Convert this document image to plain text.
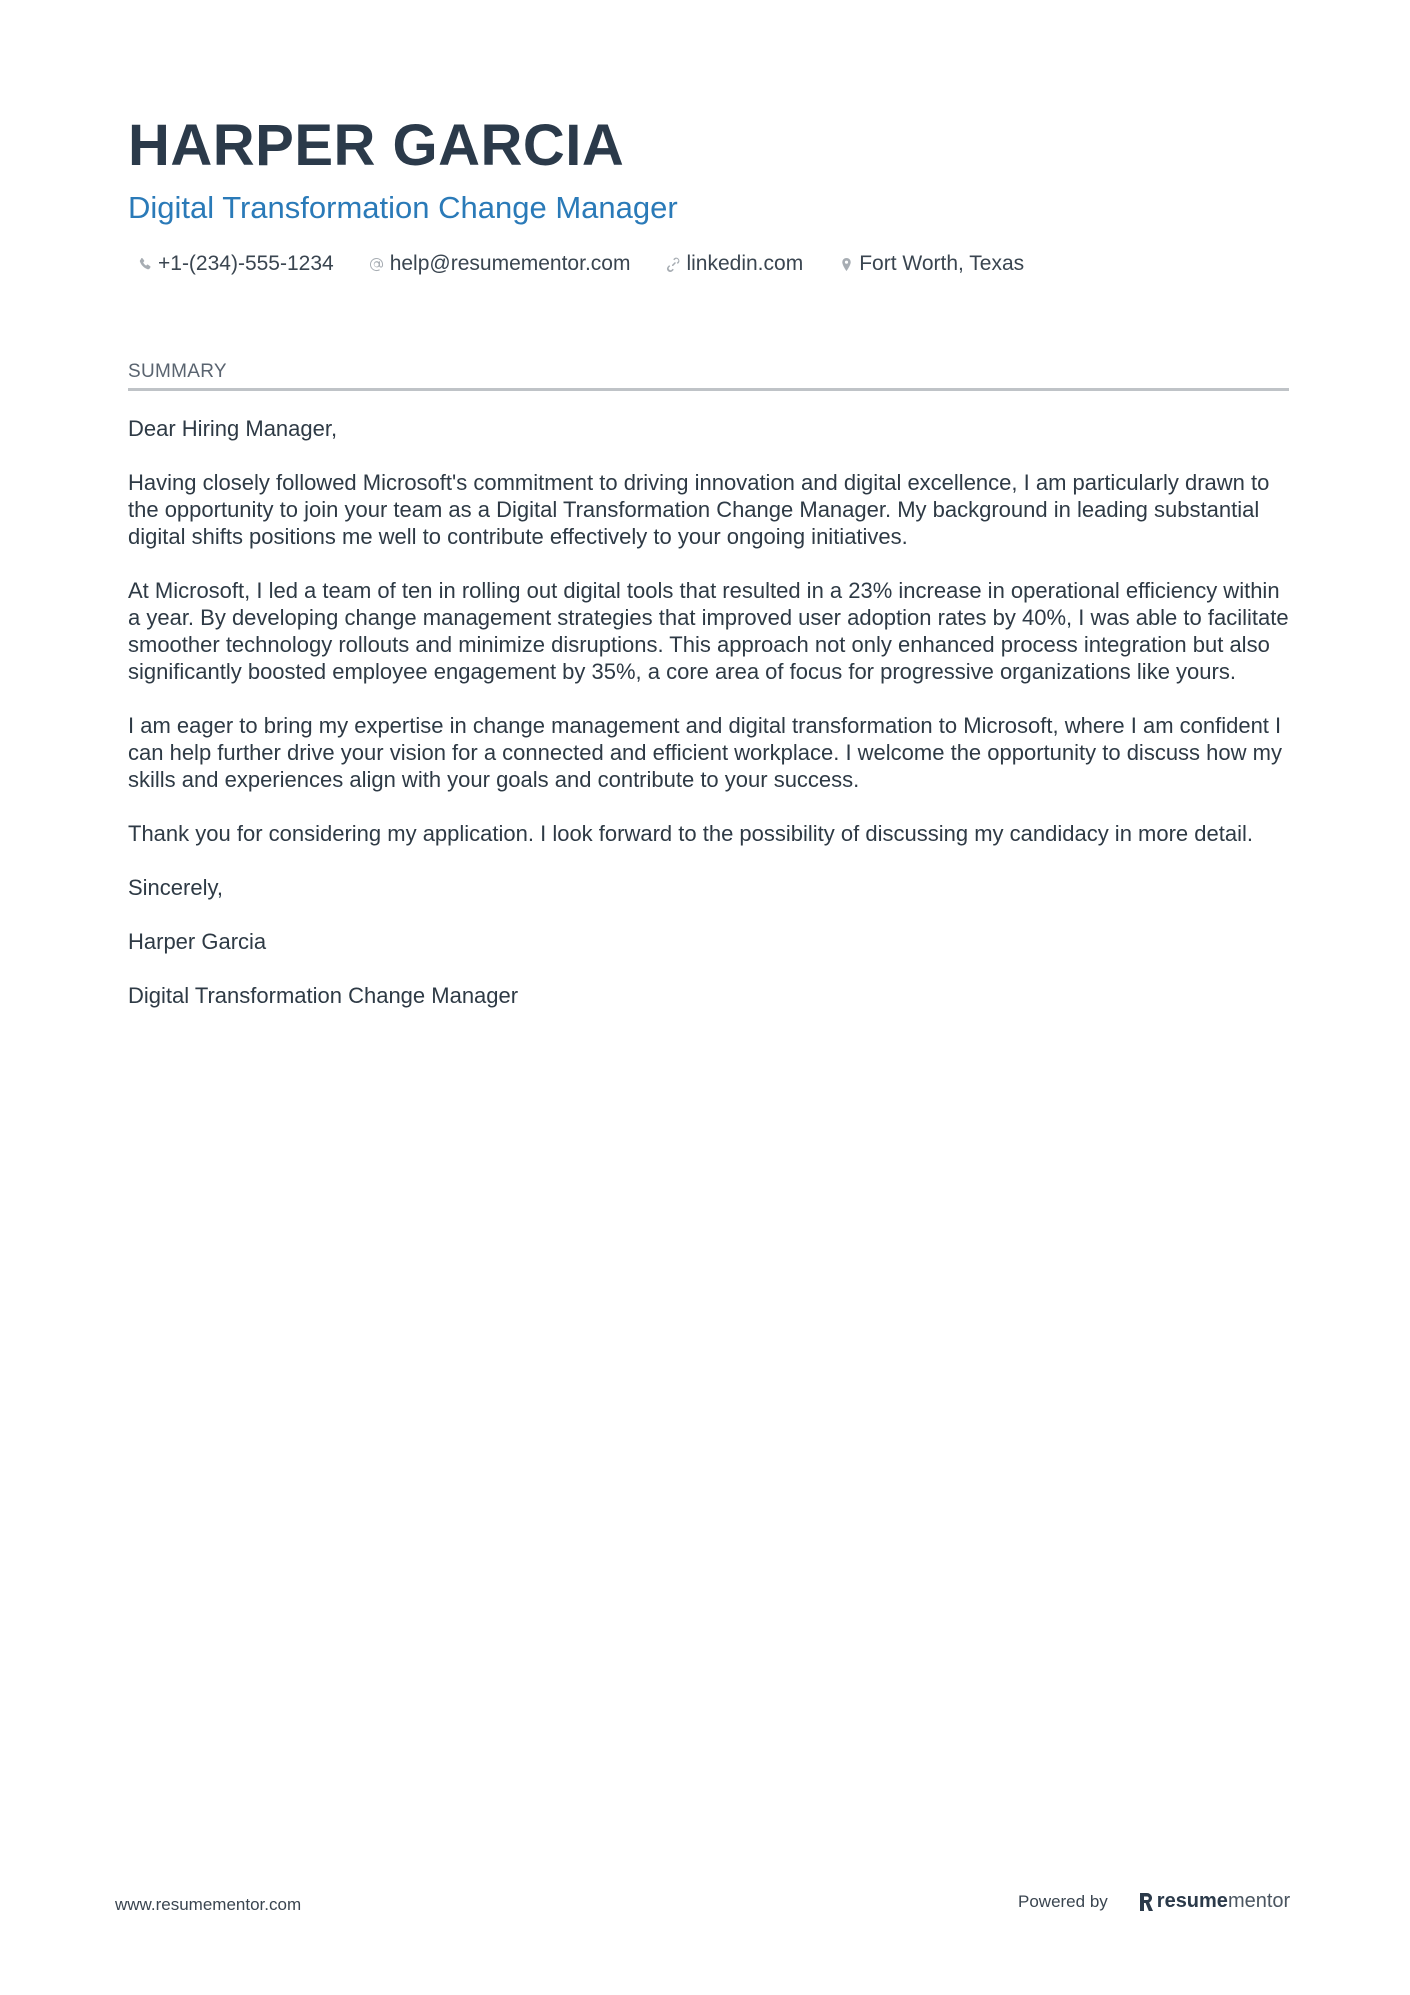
HARPER GARCIA
Digital Transformation Change Manager
+1-(234)-555-1234	help@resumementor.com	linkedin.com	Fort Worth, Texas
SUMMARY

Dear Hiring Manager,

Having closely followed Microsoft's commitment to driving innovation and digital excellence, I am particularly drawn to the opportunity to join your team as a Digital Transformation Change Manager. My background in leading substantial digital shifts positions me well to contribute effectively to your ongoing initiatives.

At Microsoft, I led a team of ten in rolling out digital tools that resulted in a 23% increase in operational efficiency within a year. By developing change management strategies that improved user adoption rates by 40%, I was able to facilitate smoother technology rollouts and minimize disruptions. This approach not only enhanced process integration but also significantly boosted employee engagement by 35%, a core area of focus for progressive organizations like yours.

I am eager to bring my expertise in change management and digital transformation to Microsoft, where I am confident I can help further drive your vision for a connected and efficient workplace. I welcome the opportunity to discuss how my skills and experiences align with your goals and contribute to your success.

Thank you for considering my application. I look forward to the possibility of discussing my candidacy in more detail.

Sincerely,

Harper Garcia

Digital Transformation Change Manager

www.resumementor.com	Powered by resume mentor
